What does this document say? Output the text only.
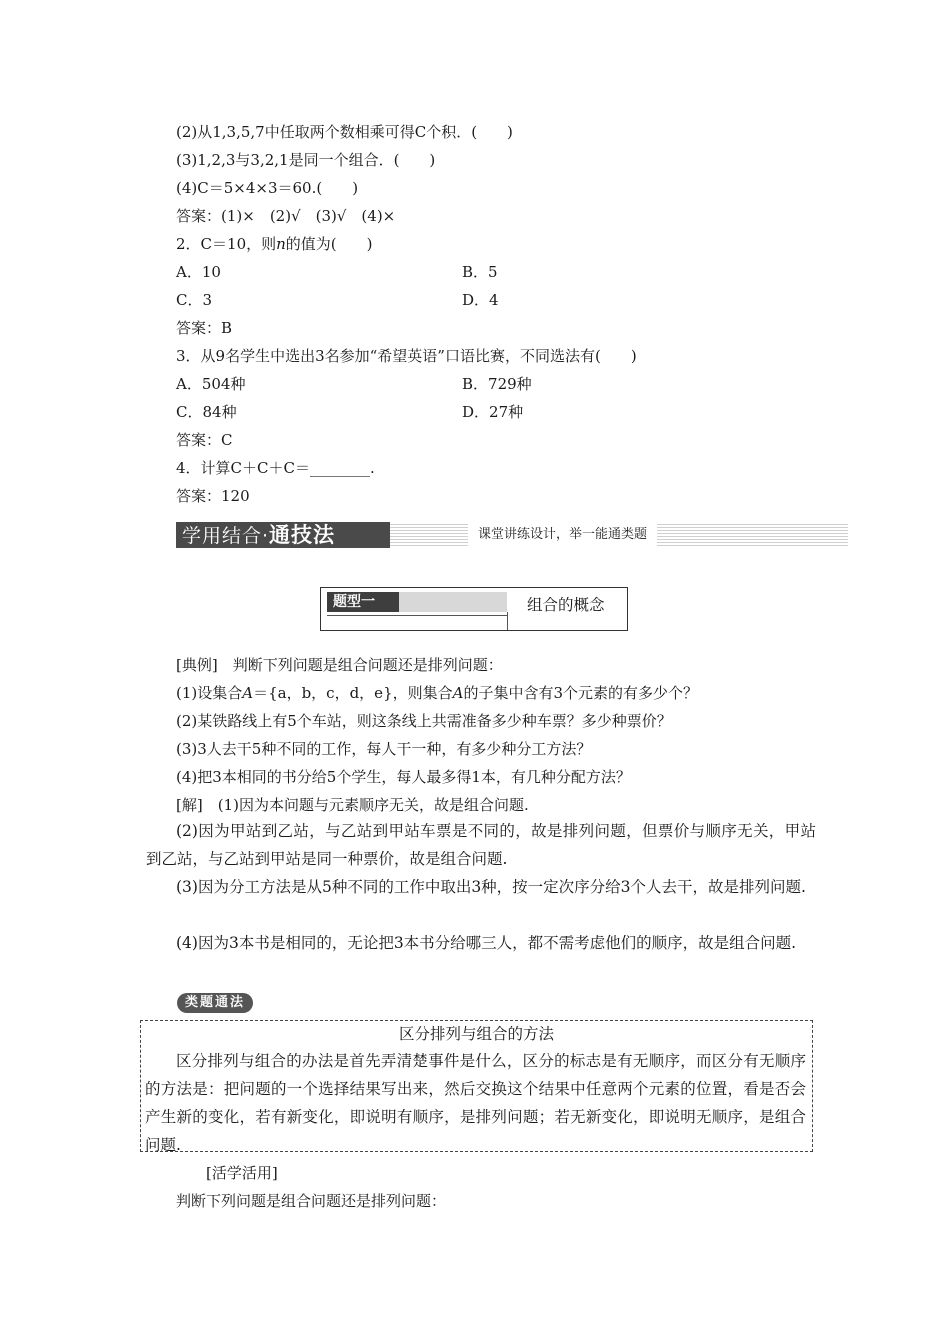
(2)从1,3,5,7中任取两个数相乘可得C个积．(　　)
(3)1,2,3与3,2,1是同一个组合．(　　)
(4)C＝5×4×3＝60.(　　)
答案：(1)×　(2)√　(3)√　(4)×
2．C＝10，则n的值为(　　)
A．10	B．5
C．3	D．4
答案：B
3．从9名学生中选出3名参加“希望英语”口语比赛，不同选法有(　　)
A．504种	B．729种
C．84种	D．27种
答案：C
4．计算C＋C＋C＝________.
答案：120
学用结合·通技法	课堂讲练设计，举一能通类题
题型一	组合的概念
[典例]　判断下列问题是组合问题还是排列问题：
(1)设集合A＝{a，b，c，d，e}，则集合A的子集中含有3个元素的有多少个？
(2)某铁路线上有5个车站，则这条线上共需准备多少种车票？多少种票价？
(3)3人去干5种不同的工作，每人干一种，有多少种分工方法？
(4)把3本相同的书分给5个学生，每人最多得1本，有几种分配方法？
[解]　(1)因为本问题与元素顺序无关，故是组合问题.
(2)因为甲站到乙站，与乙站到甲站车票是不同的，故是排列问题，但票价与顺序无关，甲站到乙站，与乙站到甲站是同一种票价，故是组合问题.
(3)因为分工方法是从5种不同的工作中取出3种，按一定次序分给3个人去干，故是排列问题.
(4)因为3本书是相同的，无论把3本书分给哪三人，都不需考虑他们的顺序，故是组合问题.
类题通法
区分排列与组合的方法
区分排列与组合的办法是首先弄清楚事件是什么，区分的标志是有无顺序，而区分有无顺序的方法是：把问题的一个选择结果写出来，然后交换这个结果中任意两个元素的位置，看是否会产生新的变化，若有新变化，即说明有顺序，是排列问题；若无新变化，即说明无顺序，是组合问题.
[活学活用]
判断下列问题是组合问题还是排列问题：
